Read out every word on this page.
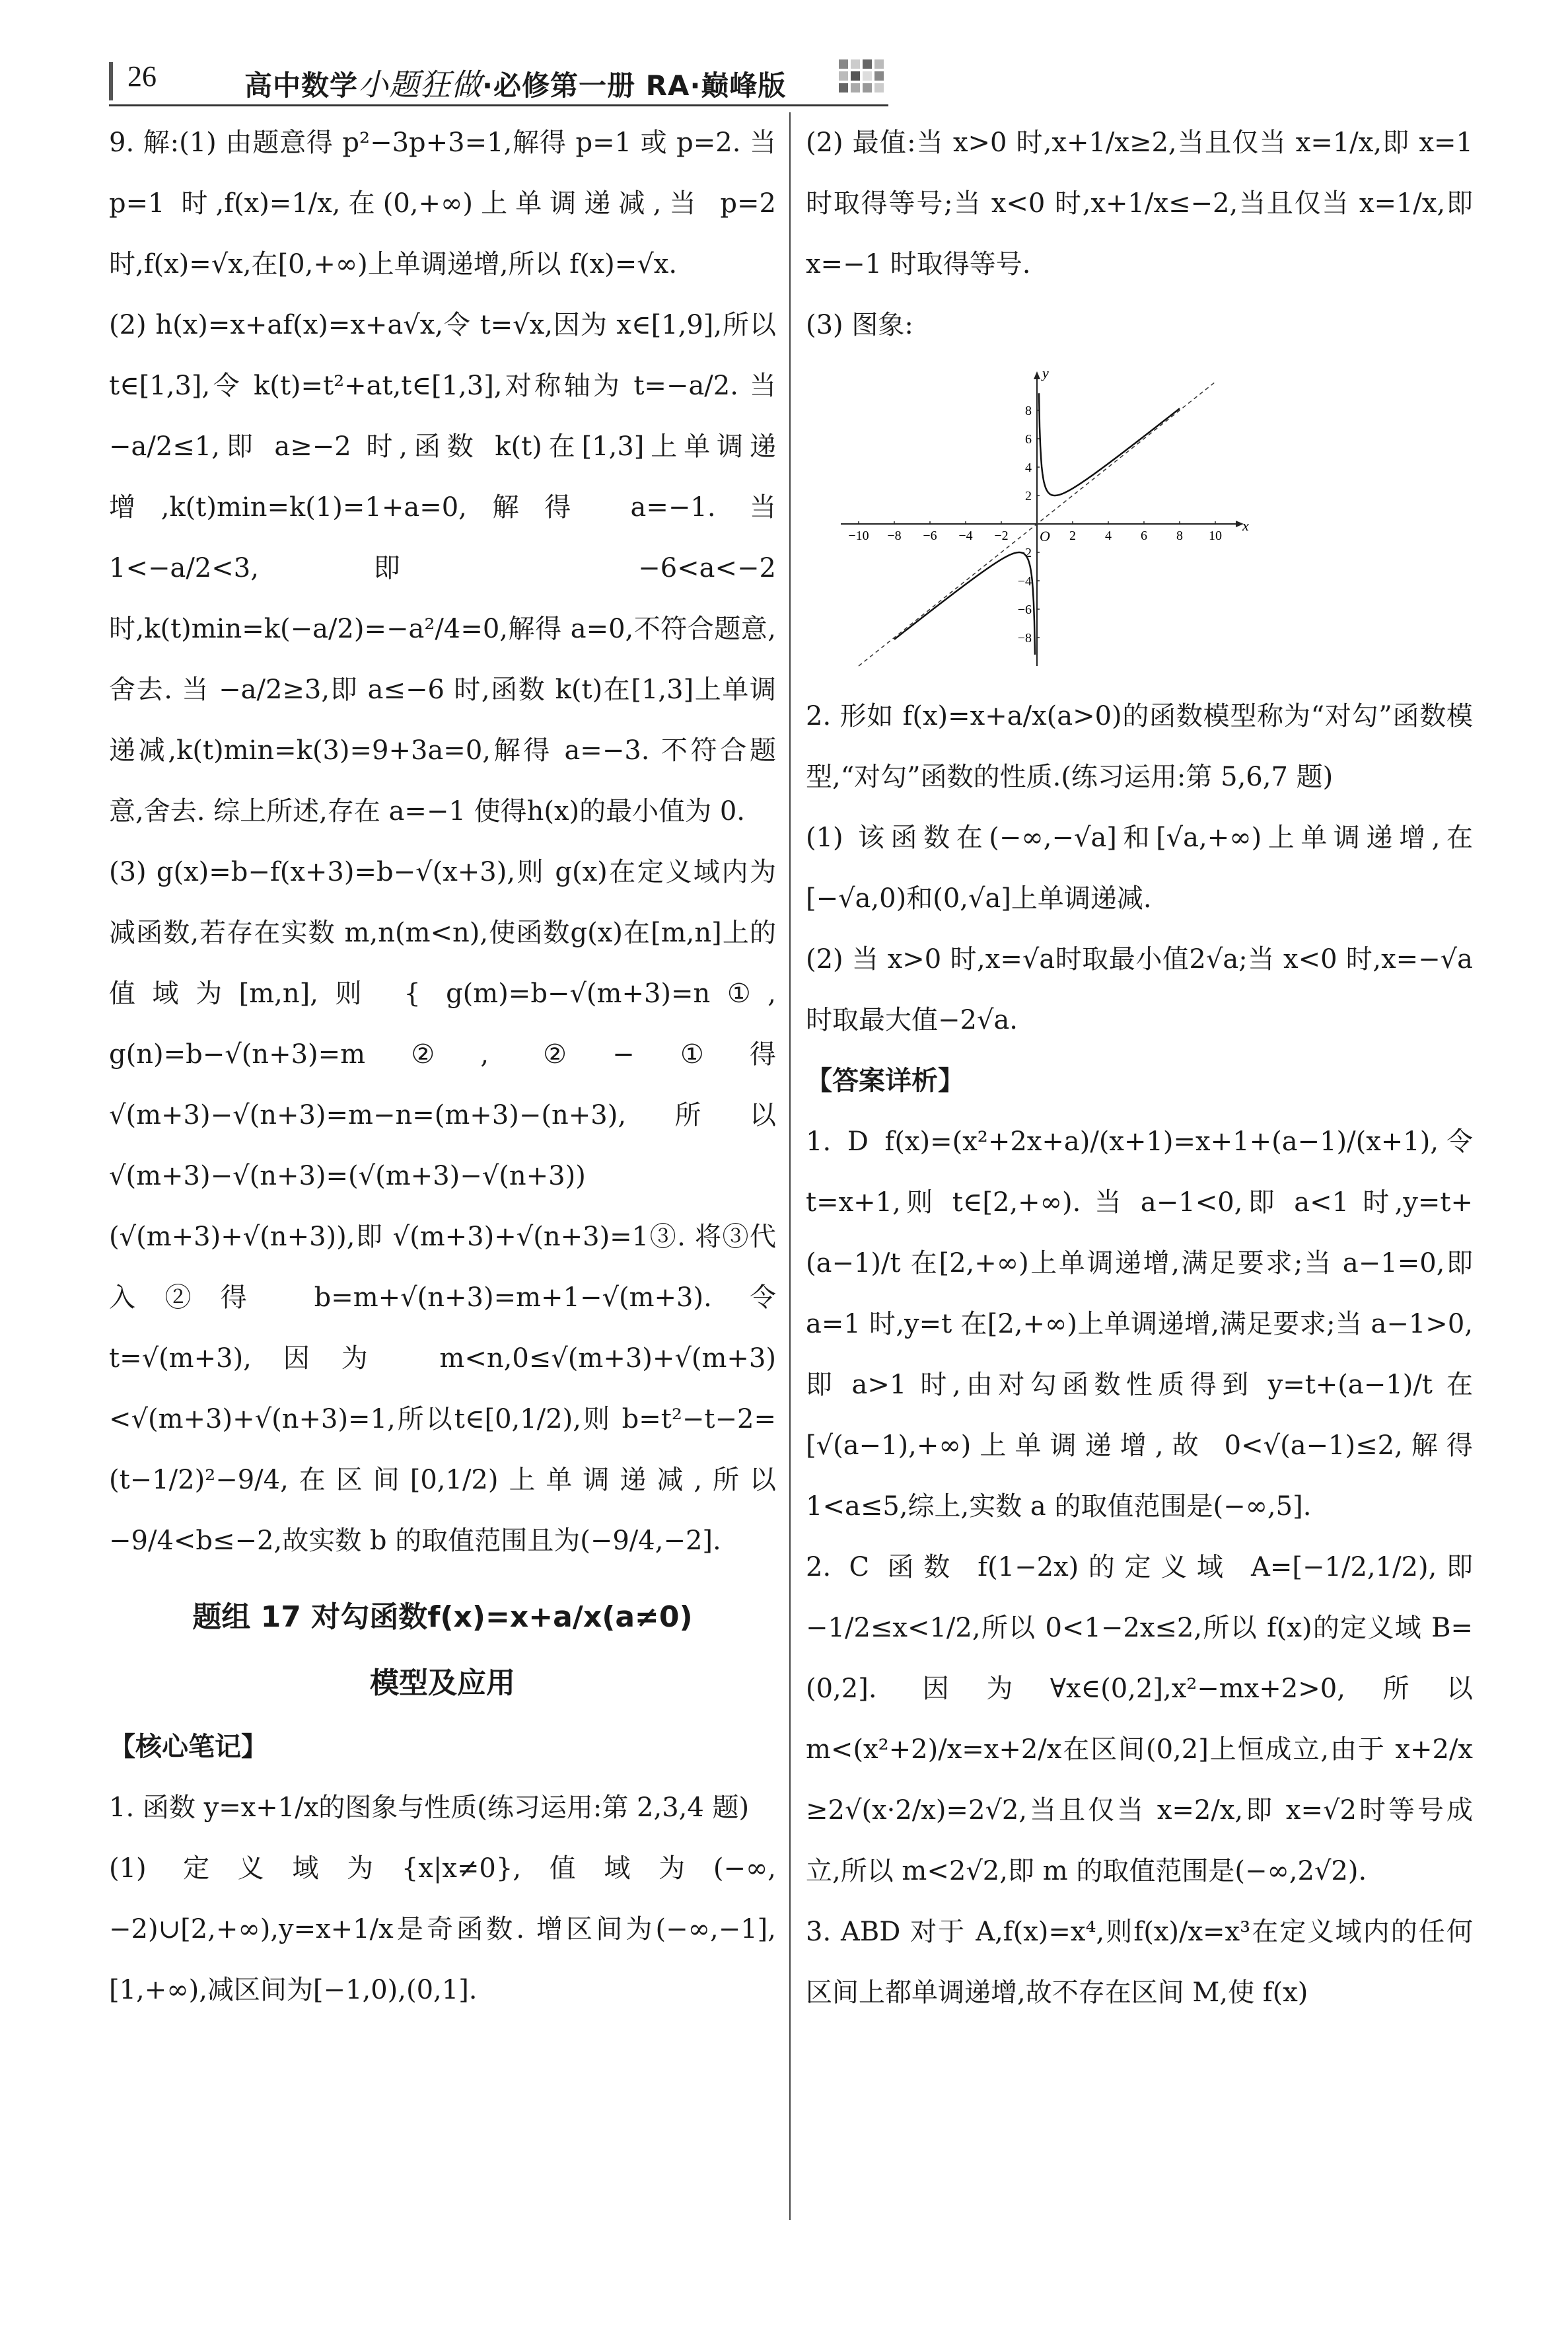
26	高中数学小题狂做·必修第一册 RA·巅峰版

9. 解:(1) 由题意得 p²−3p+3=1,解得 p=1 或 p=2. 当 p=1 时,f(x)=1/x,在(0,+∞)上单调递减,当 p=2 时,f(x)=√x,在[0,+∞)上单调递增,所以 f(x)=√x.

(2) h(x)=x+af(x)=x+a√x,令 t=√x,因为 x∈[1,9],所以 t∈[1,3],令 k(t)=t²+at,t∈[1,3],对称轴为 t=−a/2. 当 −a/2≤1,即 a≥−2 时,函数 k(t)在[1,3]上单调递增,k(t)min=k(1)=1+a=0,解得 a=−1. 当 1<−a/2<3,即 −6<a<−2 时,k(t)min=k(−a/2)=−a²/4=0,解得 a=0,不符合题意,舍去. 当 −a/2≥3,即 a≤−6 时,函数 k(t)在[1,3]上单调递减,k(t)min=k(3)=9+3a=0,解得 a=−3. 不符合题意,舍去. 综上所述,存在 a=−1 使得h(x)的最小值为 0.

(3) g(x)=b−f(x+3)=b−√(x+3),则 g(x)在定义域内为减函数,若存在实数 m,n(m<n),使函数g(x)在[m,n]上的值域为[m,n],则 { g(m)=b−√(m+3)=n①, g(n)=b−√(n+3)=m②, ②−①得 √(m+3)−√(n+3)=m−n=(m+3)−(n+3),所以 √(m+3)−√(n+3)=(√(m+3)−√(n+3))(√(m+3)+√(n+3)),即 √(m+3)+√(n+3)=1③. 将③代入②得 b=m+√(n+3)=m+1−√(m+3). 令 t=√(m+3),因为 m<n,0≤√(m+3)+√(m+3)<√(m+3)+√(n+3)=1,所以t∈[0,1/2),则 b=t²−t−2=(t−1/2)²−9/4,在区间[0,1/2)上单调递减,所以−9/4<b≤−2,故实数 b 的取值范围且为(−9/4,−2].

题组 17 对勾函数f(x)=x+a/x(a≠0)
模型及应用

【核心笔记】

1. 函数 y=x+1/x的图象与性质(练习运用:第 2,3,4 题)

(1) 定义域为{x|x≠0},值域为(−∞,−2)∪[2,+∞),y=x+1/x是奇函数. 增区间为(−∞,−1],[1,+∞),减区间为[−1,0),(0,1].

(2) 最值:当 x>0 时,x+1/x≥2,当且仅当 x=1/x,即 x=1 时取得等号;当 x<0 时,x+1/x≤−2,当且仅当 x=1/x,即 x=−1 时取得等号.

(3) 图象:

x
y
O
−10 −8 −6 −4 −2	2 4 6 8 10
8
6
4
2
−2
−4
−6
−8

2. 形如 f(x)=x+a/x(a>0)的函数模型称为“对勾”函数模型,“对勾”函数的性质.(练习运用:第 5,6,7 题)

(1) 该函数在(−∞,−√a]和[√a,+∞)上单调递增,在[−√a,0)和(0,√a]上单调递减.

(2) 当 x>0 时,x=√a时取最小值2√a;当 x<0 时,x=−√a时取最大值−2√a.

【答案详析】

1. D f(x)=(x²+2x+a)/(x+1)=x+1+(a−1)/(x+1),令 t=x+1,则 t∈[2,+∞). 当 a−1<0,即 a<1 时,y=t+(a−1)/t 在[2,+∞)上单调递增,满足要求;当 a−1=0,即 a=1 时,y=t 在[2,+∞)上单调递增,满足要求;当 a−1>0,即 a>1 时,由对勾函数性质得到 y=t+(a−1)/t 在[√(a−1),+∞)上单调递增,故 0<√(a−1)≤2,解得 1<a≤5,综上,实数 a 的取值范围是(−∞,5].

2. C 函数 f(1−2x)的定义域 A=[−1/2,1/2),即 −1/2≤x<1/2,所以 0<1−2x≤2,所以 f(x)的定义域 B=(0,2]. 因为∀x∈(0,2],x²−mx+2>0,所以 m<(x²+2)/x=x+2/x在区间(0,2]上恒成立,由于 x+2/x ≥2√(x·2/x)=2√2,当且仅当 x=2/x,即 x=√2时等号成立,所以 m<2√2,即 m 的取值范围是(−∞,2√2).

3. ABD 对于 A,f(x)=x⁴,则f(x)/x=x³在定义域内的任何区间上都单调递增,故不存在区间 M,使 f(x)
